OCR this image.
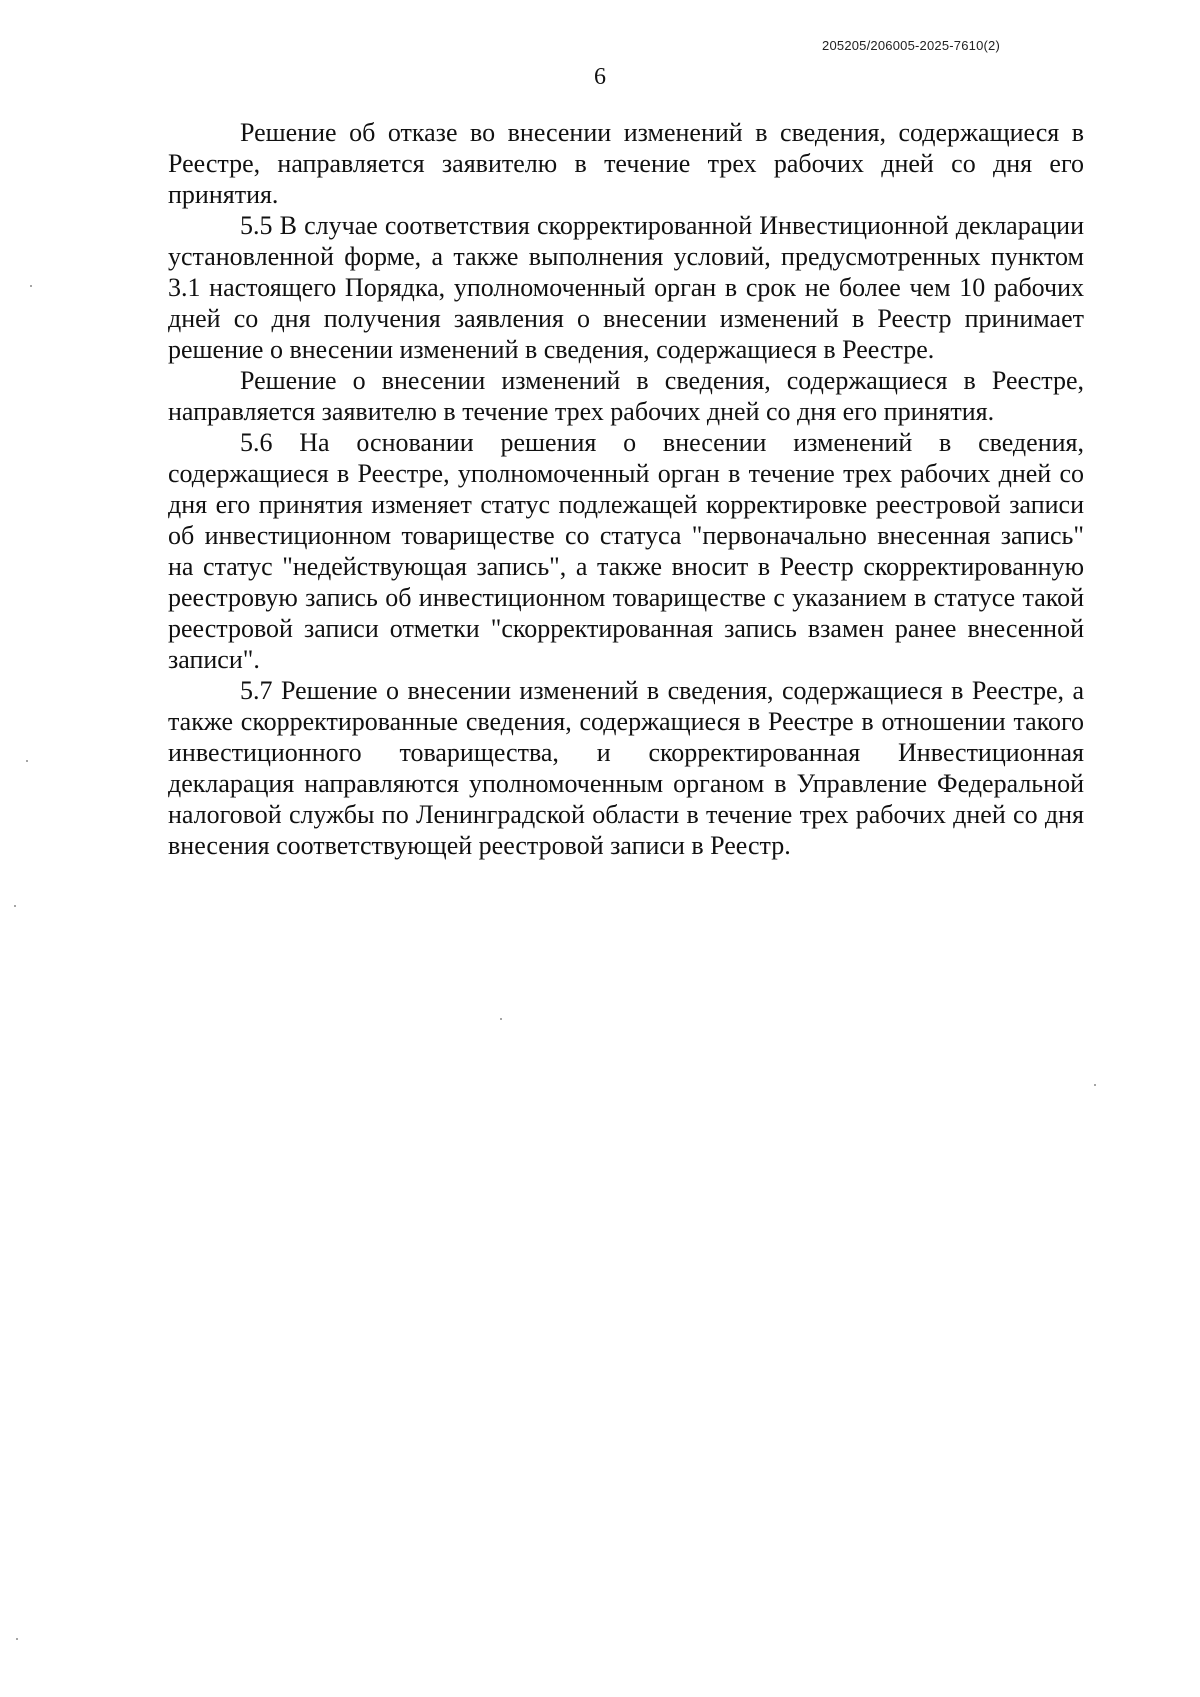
205205/206005-2025-7610(2)
6

Решение об отказе во внесении изменений в сведения, содержащиеся в Реестре, направляется заявителю в течение трех рабочих дней со дня его принятия.

5.5 В случае соответствия скорректированной Инвестиционной декларации установленной форме, а также выполнения условий, предусмотренных пунктом 3.1 настоящего Порядка, уполномоченный орган в срок не более чем 10 рабочих дней со дня получения заявления о внесении изменений в Реестр принимает решение о внесении изменений в сведения, содержащиеся в Реестре.

Решение о внесении изменений в сведения, содержащиеся в Реестре, направляется заявителю в течение трех рабочих дней со дня его принятия.

5.6 На основании решения о внесении изменений в сведения, содержащиеся в Реестре, уполномоченный орган в течение трех рабочих дней со дня его принятия изменяет статус подлежащей корректировке реестровой записи об инвестиционном товариществе со статуса "первоначально внесенная запись" на статус "недействующая запись", а также вносит в Реестр скорректированную реестровую запись об инвестиционном товариществе с указанием в статусе такой реестровой записи отметки "скорректированная запись взамен ранее внесенной записи".

5.7 Решение о внесении изменений в сведения, содержащиеся в Реестре, а также скорректированные сведения, содержащиеся в Реестре в отношении такого инвестиционного товарищества, и скорректированная Инвестиционная декларация направляются уполномоченным органом в Управление Федеральной налоговой службы по Ленинградской области в течение трех рабочих дней со дня внесения соответствующей реестровой записи в Реестр.
